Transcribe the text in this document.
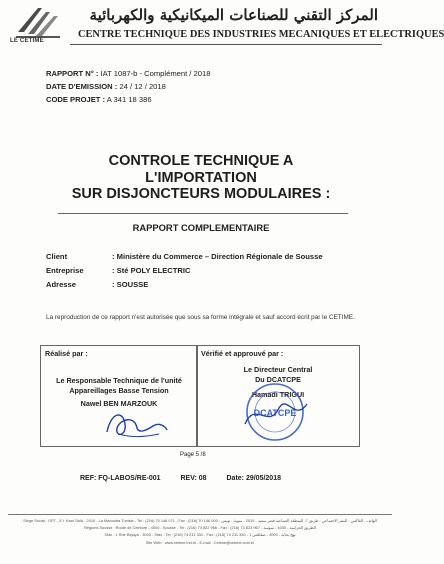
LE CETIME
المركز التقني للصناعات الميكانيكية والكهربائية
CENTRE TECHNIQUE DES INDUSTRIES MECANIQUES ET ELECTRIQUES
RAPPORT N° : IAT 1087-b - Complément / 2018
DATE D'EMISSION : 24 / 12 / 2018
CODE PROJET : A 341 18 386
CONTROLE TECHNIQUE A
L'IMPORTATION
SUR DISJONCTEURS MODULAIRES :
RAPPORT COMPLEMENTAIRE
Client	: Ministère du Commerce – Direction Régionale de Sousse
Entreprise	: Sté POLY ELECTRIC
Adresse	: SOUSSE
La reproduction de ce rapport n'est autorisée que sous sa forme intégrale et sauf accord écrit par le CETIME.
Réalisé par :
Le Responsable Technique de l'unité
Appareillages Basse Tension
Nawel BEN MARZOUK
Vérifié et approuvé par :
Le Directeur Central
Du DCATCPE
Hamadi TRIGUI
DCATCPE
Page 5 /8
REF: FQ-LABOS/RE-001	REV: 08	Date: 29/05/2018
Siège Social : GP7 - Z.I. Ksar Saïd - 2010 - La Manouba Tunisie - Tel : (216) 70 146 071 - Fax : (216) 70 146 000 - الهاتف - الفاكس - المقر الاجتماعي : طريق 7، المنطقة الصناعية قصر سعيد - 2010 - منوبة - تونس
Régions Sousse : Route de Ceinture - 4000 - Sousse - Tel : (216) 73 822 966 - Fax : (216) 73 823 967 - الطريق الحزامية - 4000 - سوسة
Sfax : 1 Rue Bejaya - 3000 - Sfax - Tel : (216) 74 211 331 - Fax : (216) 74 211 330 - 1 نهج بجاية - 3000 - صفاقس
Site Web : www.cetime.ind.tn - E-mail : Cetime@cetime.com.tn
